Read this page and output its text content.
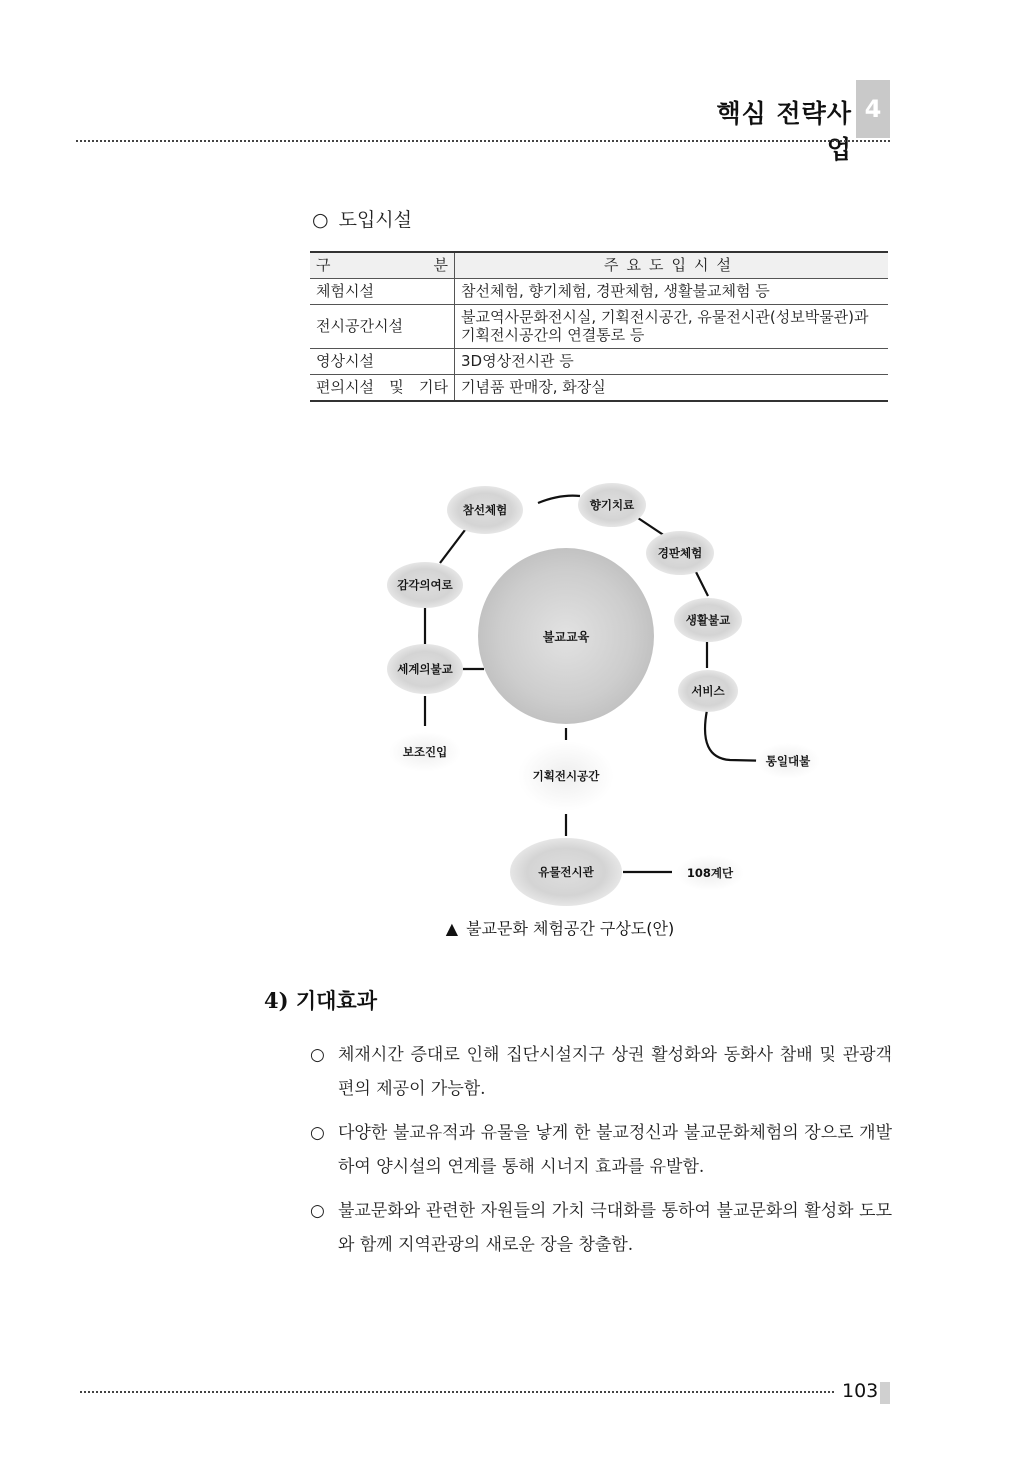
핵심 전략사업
4
○ 도입시설
구 분	주요도입시설
체험시설	참선체험, 향기체험, 경판체험, 생활불교체험 등
전시공간시설	불교역사문화전시실, 기획전시공간, 유물전시관(성보박물관)과 기획전시공간의 연결통로 등
영상시설	3D영상전시관 등
편의시설 및 기타	기념품 판매장, 화장실
불교교육
참선체험	향기치료
경판체험
생활불교
서비스
통일대불
감각의여로
세계의불교
보조진입
기획전시공간
유물전시관	108계단
▲ 불교문화 체험공간 구상도(안)
4) 기대효과
○ 체재시간 증대로 인해 집단시설지구 상권 활성화와 동화사 참배 및 관광객 편의 제공이 가능함.
○ 다양한 불교유적과 유물을 낳게 한 불교정신과 불교문화체험의 장으로 개발하여 양시설의 연계를 통해 시너지 효과를 유발함.
○ 불교문화와 관련한 자원들의 가치 극대화를 통하여 불교문화의 활성화 도모와 함께 지역관광의 새로운 장을 창출함.
103
